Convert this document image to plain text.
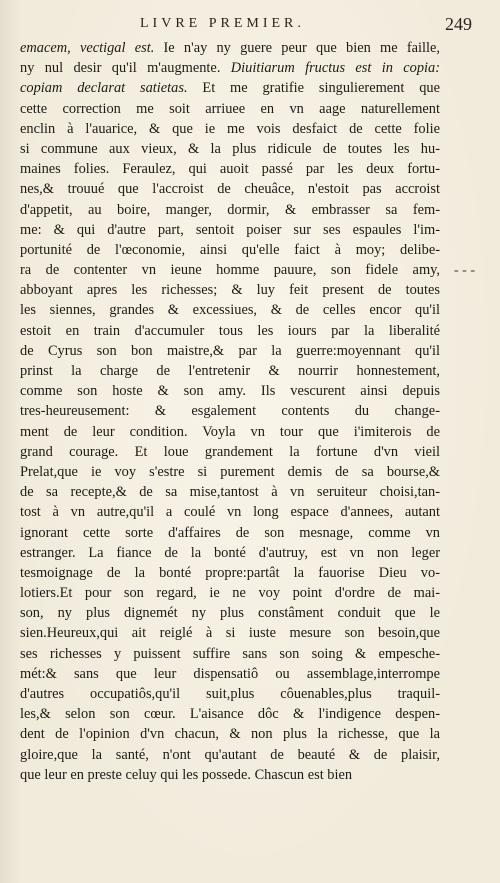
LIVRE PREMIER.	249
emacem, vectigal est. Ie n'ay ny guere peur que bien me faille,
ny nul desir qu'il m'augmente. Diuitiarum fructus est in copia:
copiam declarat satietas. Et me gratifie singulierement que
cette correction me soit arriuee en vn aage naturellement
enclin à l'auarice, & que ie me vois desfaict de cette folie
si commune aux vieux, & la plus ridicule de toutes les hu-
maines folies. Feraulez, qui auoit passé par les deux fortu-
nes,& trouué que l'accroist de cheuâce, n'estoit pas accroist
d'appetit, au boire, manger, dormir, & embrasser sa fem-
me: & qui d'autre part, sentoit poiser sur ses espaules l'im-
portunité de l'œconomie, ainsi qu'elle faict à moy; delibe-
ra de contenter vn ieune homme pauure, son fidele amy,
abboyant apres les richesses; & luy feit present de toutes
les siennes, grandes & excessiues, & de celles encor qu'il
estoit en train d'accumuler tous les iours par la liberalité
de Cyrus son bon maistre,& par la guerre:moyennant qu'il
prinst la charge de l'entretenir & nourrir honnestement,
comme son hoste & son amy. Ils vescurent ainsi depuis
tres-heureusement: & esgalement contents du change-
ment de leur condition. Voyla vn tour que i'imiterois de
grand courage. Et loue grandement la fortune d'vn vieil
Prelat,que ie voy s'estre si purement demis de sa bourse,&
de sa recepte,& de sa mise,tantost à vn seruiteur choisi,tan-
tost à vn autre,qu'il a coulé vn long espace d'annees, autant
ignorant cette sorte d'affaires de son mesnage, comme vn
estranger. La fiance de la bonté d'autruy, est vn non leger
tesmoignage de la bonté propre:partât la fauorise Dieu vo-
lotiers.Et pour son regard, ie ne voy point d'ordre de mai-
son, ny plus dignemét ny plus constâment conduit que le
sien.Heureux,qui ait reiglé à si iuste mesure son besoin,que
ses richesses y puissent suffire sans son soing & empesche-
mét:& sans que leur dispensatiô ou assemblage,interrompe
d'autres occupatiôs,qu'il suit,plus côuenables,plus traquil-
les,& selon son cœur. L'aisance dôc & l'indigence despen-
dent de l'opinion d'vn chacun, & non plus la richesse, que la
gloire,que la santé, n'ont qu'autant de beauté & de plaisir,
que leur en preste celuy qui les possede. Chascun est bien
- - -
